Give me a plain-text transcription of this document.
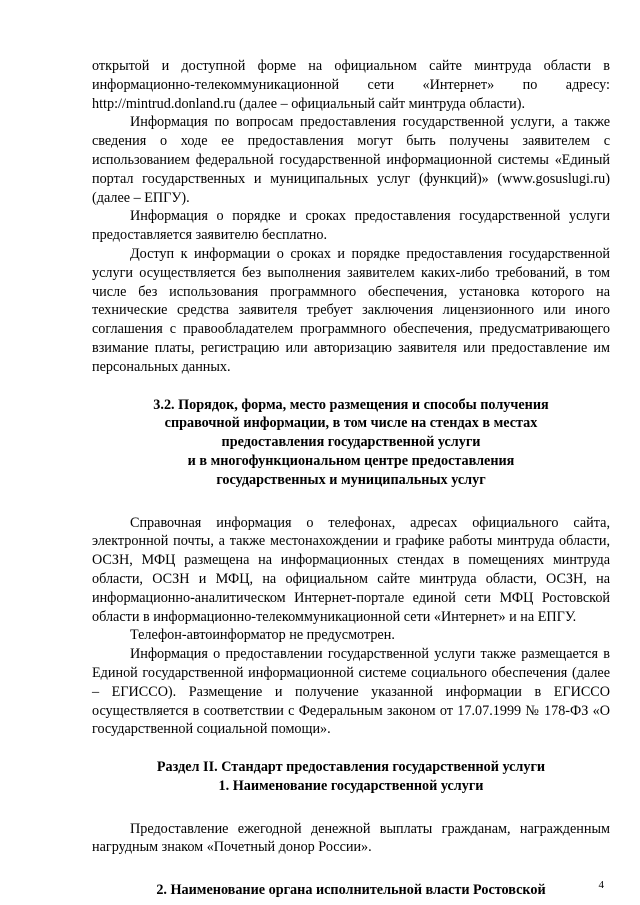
открытой и доступной форме на официальном сайте минтруда области в информационно-телекоммуникационной сети «Интернет» по адресу: http://mintrud.donland.ru (далее – официальный сайт минтруда области).

Информация по вопросам предоставления государственной услуги, а также сведения о ходе ее предоставления могут быть получены заявителем с использованием федеральной государственной информационной системы «Единый портал государственных и муниципальных услуг (функций)» (www.gosuslugi.ru) (далее – ЕПГУ).

Информация о порядке и сроках предоставления государственной услуги предоставляется заявителю бесплатно.

Доступ к информации о сроках и порядке предоставления государственной услуги осуществляется без выполнения заявителем каких-либо требований, в том числе без использования программного обеспечения, установка которого на технические средства заявителя требует заключения лицензионного или иного соглашения с правообладателем программного обеспечения, предусматривающего взимание платы, регистрацию или авторизацию заявителя или предоставление им персональных данных.

3.2. Порядок, форма, место размещения и способы получения

справочной информации, в том числе на стендах в местах

предоставления государственной услуги

и в многофункциональном центре предоставления

государственных и муниципальных услуг

Справочная информация о телефонах, адресах официального сайта, электронной почты, а также местонахождении и графике работы минтруда области, ОСЗН, МФЦ размещена на информационных стендах в помещениях минтруда области, ОСЗН и МФЦ, на официальном сайте минтруда области, ОСЗН, на информационно-аналитическом Интернет-портале единой сети МФЦ Ростовской области в информационно-телекоммуникационной сети «Интернет» и на ЕПГУ.

Телефон-автоинформатор не предусмотрен.

Информация о предоставлении государственной услуги также размещается в Единой государственной информационной системе социального обеспечения (далее – ЕГИССО). Размещение и получение указанной информации в ЕГИССО осуществляется в соответствии с Федеральным законом от 17.07.1999 № 178-ФЗ «О государственной социальной помощи».

Раздел II. Стандарт предоставления государственной услуги

1. Наименование государственной услуги

Предоставление ежегодной денежной выплаты гражданам, награжденным нагрудным знаком «Почетный донор России».

2. Наименование органа исполнительной власти Ростовской	4
